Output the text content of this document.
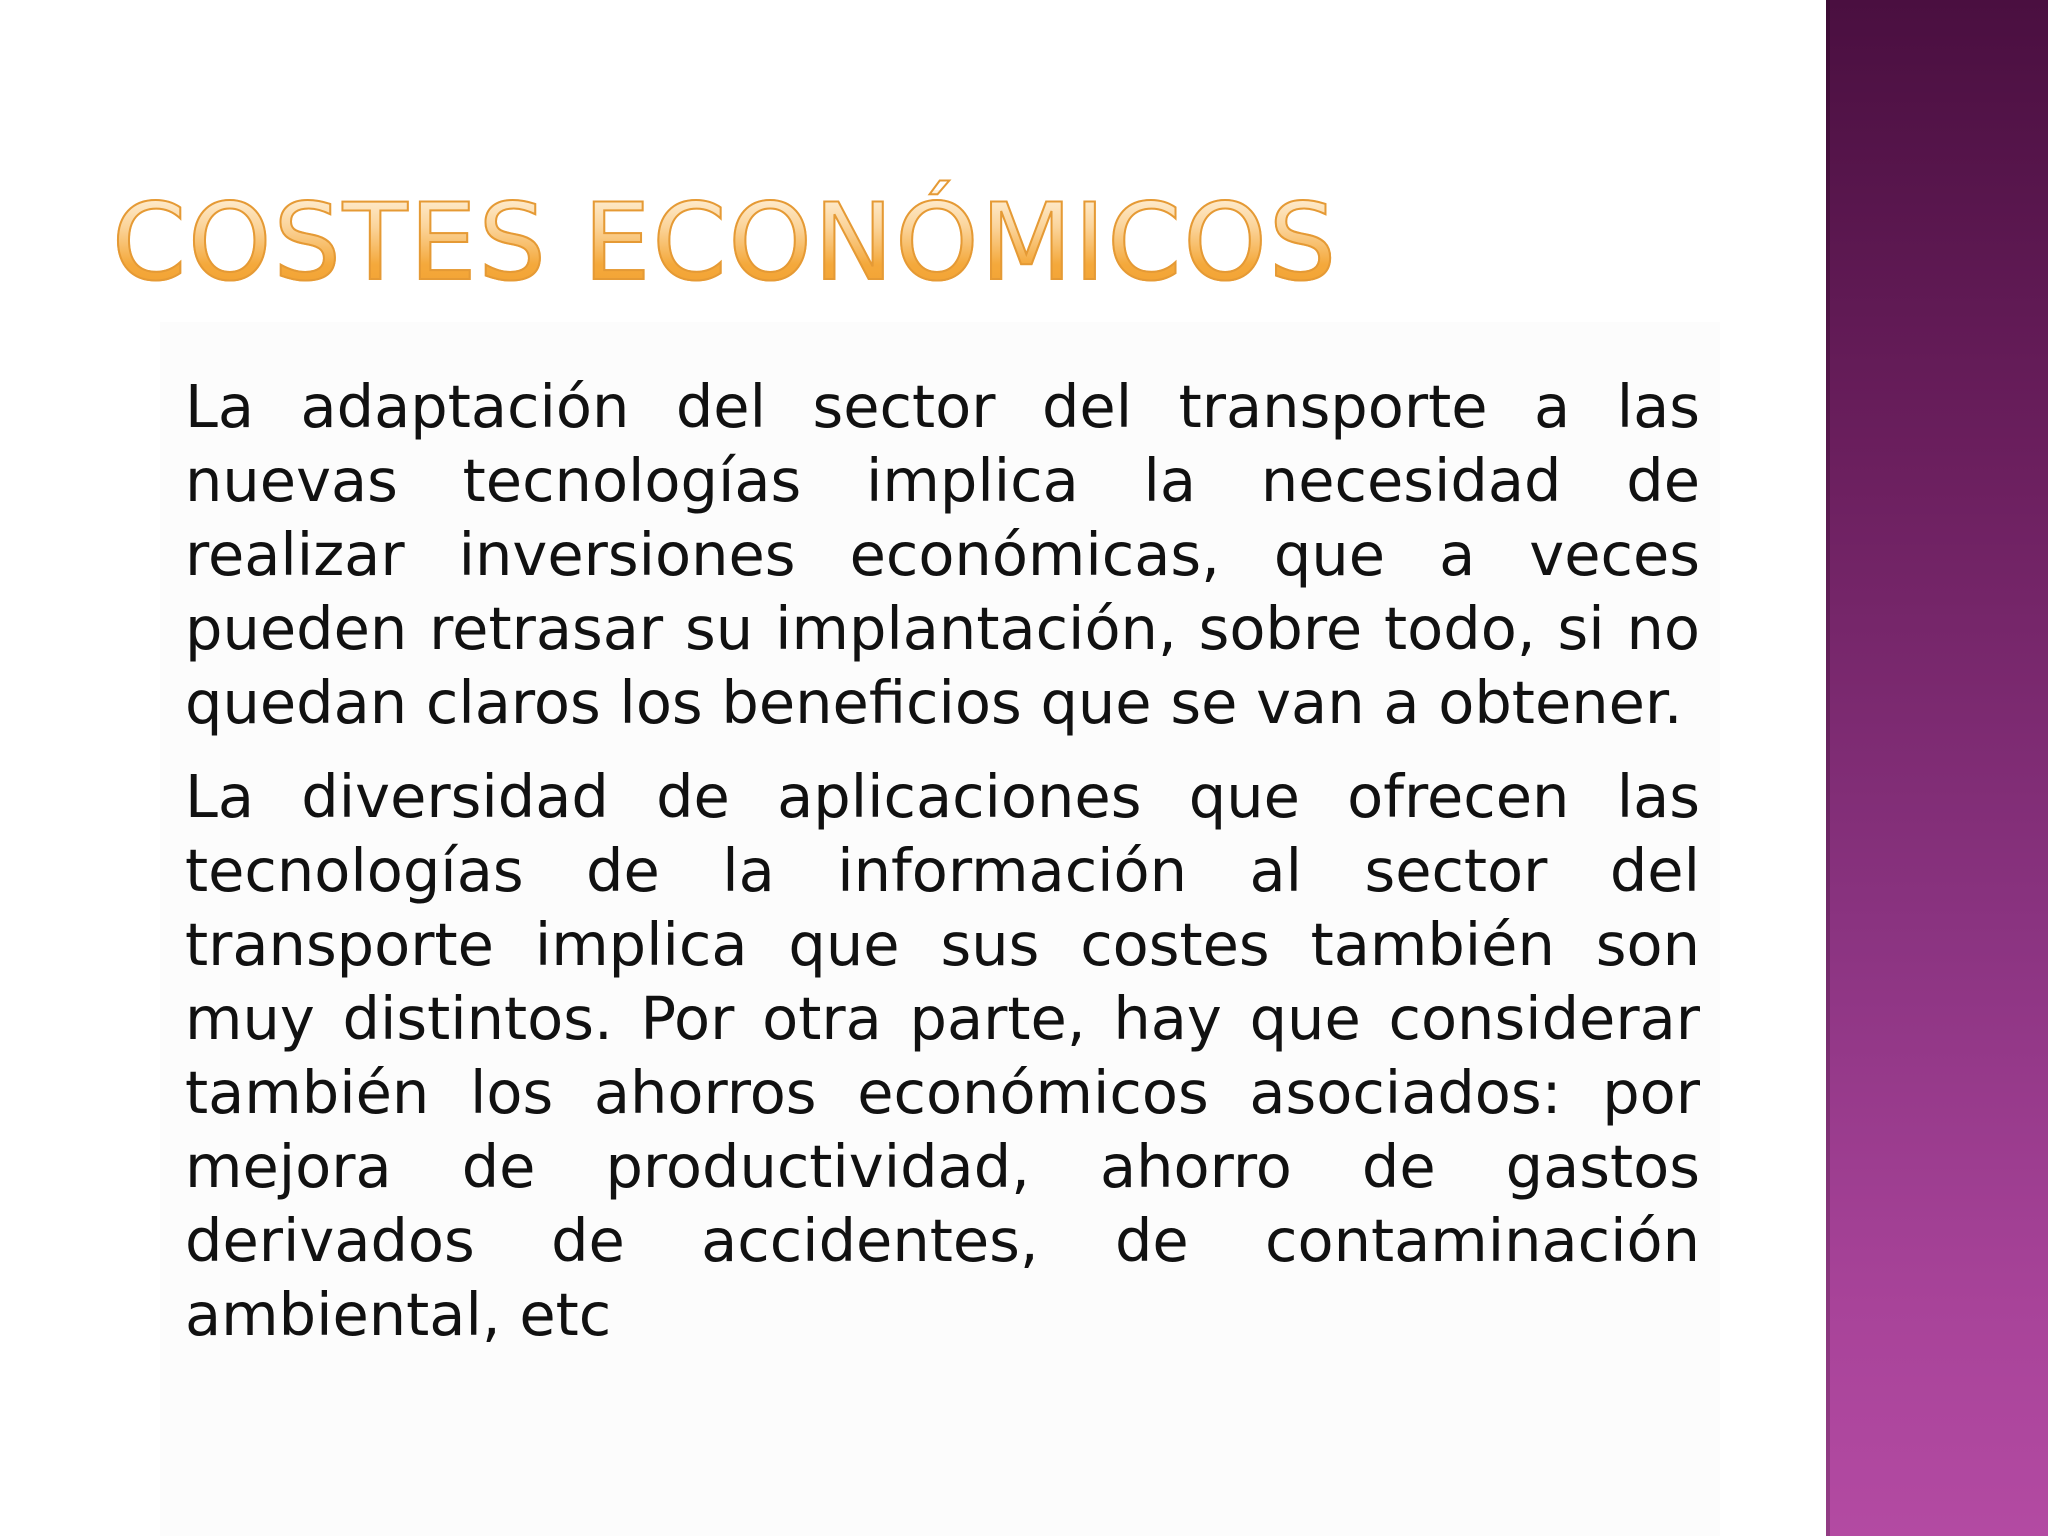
COSTES ECONÓMICOS

La adaptación del sector del transporte a las nuevas tecnologías implica la necesidad de realizar inversiones económicas, que a veces pueden retrasar su implantación, sobre todo, si no quedan claros los beneficios que se van a obtener.

La diversidad de aplicaciones que ofrecen las tecnologías de la información al sector del transporte implica que sus costes también son muy distintos. Por otra parte, hay que considerar también los ahorros económicos asociados: por mejora de productividad, ahorro de gastos derivados de accidentes, de contaminación ambiental, etc
